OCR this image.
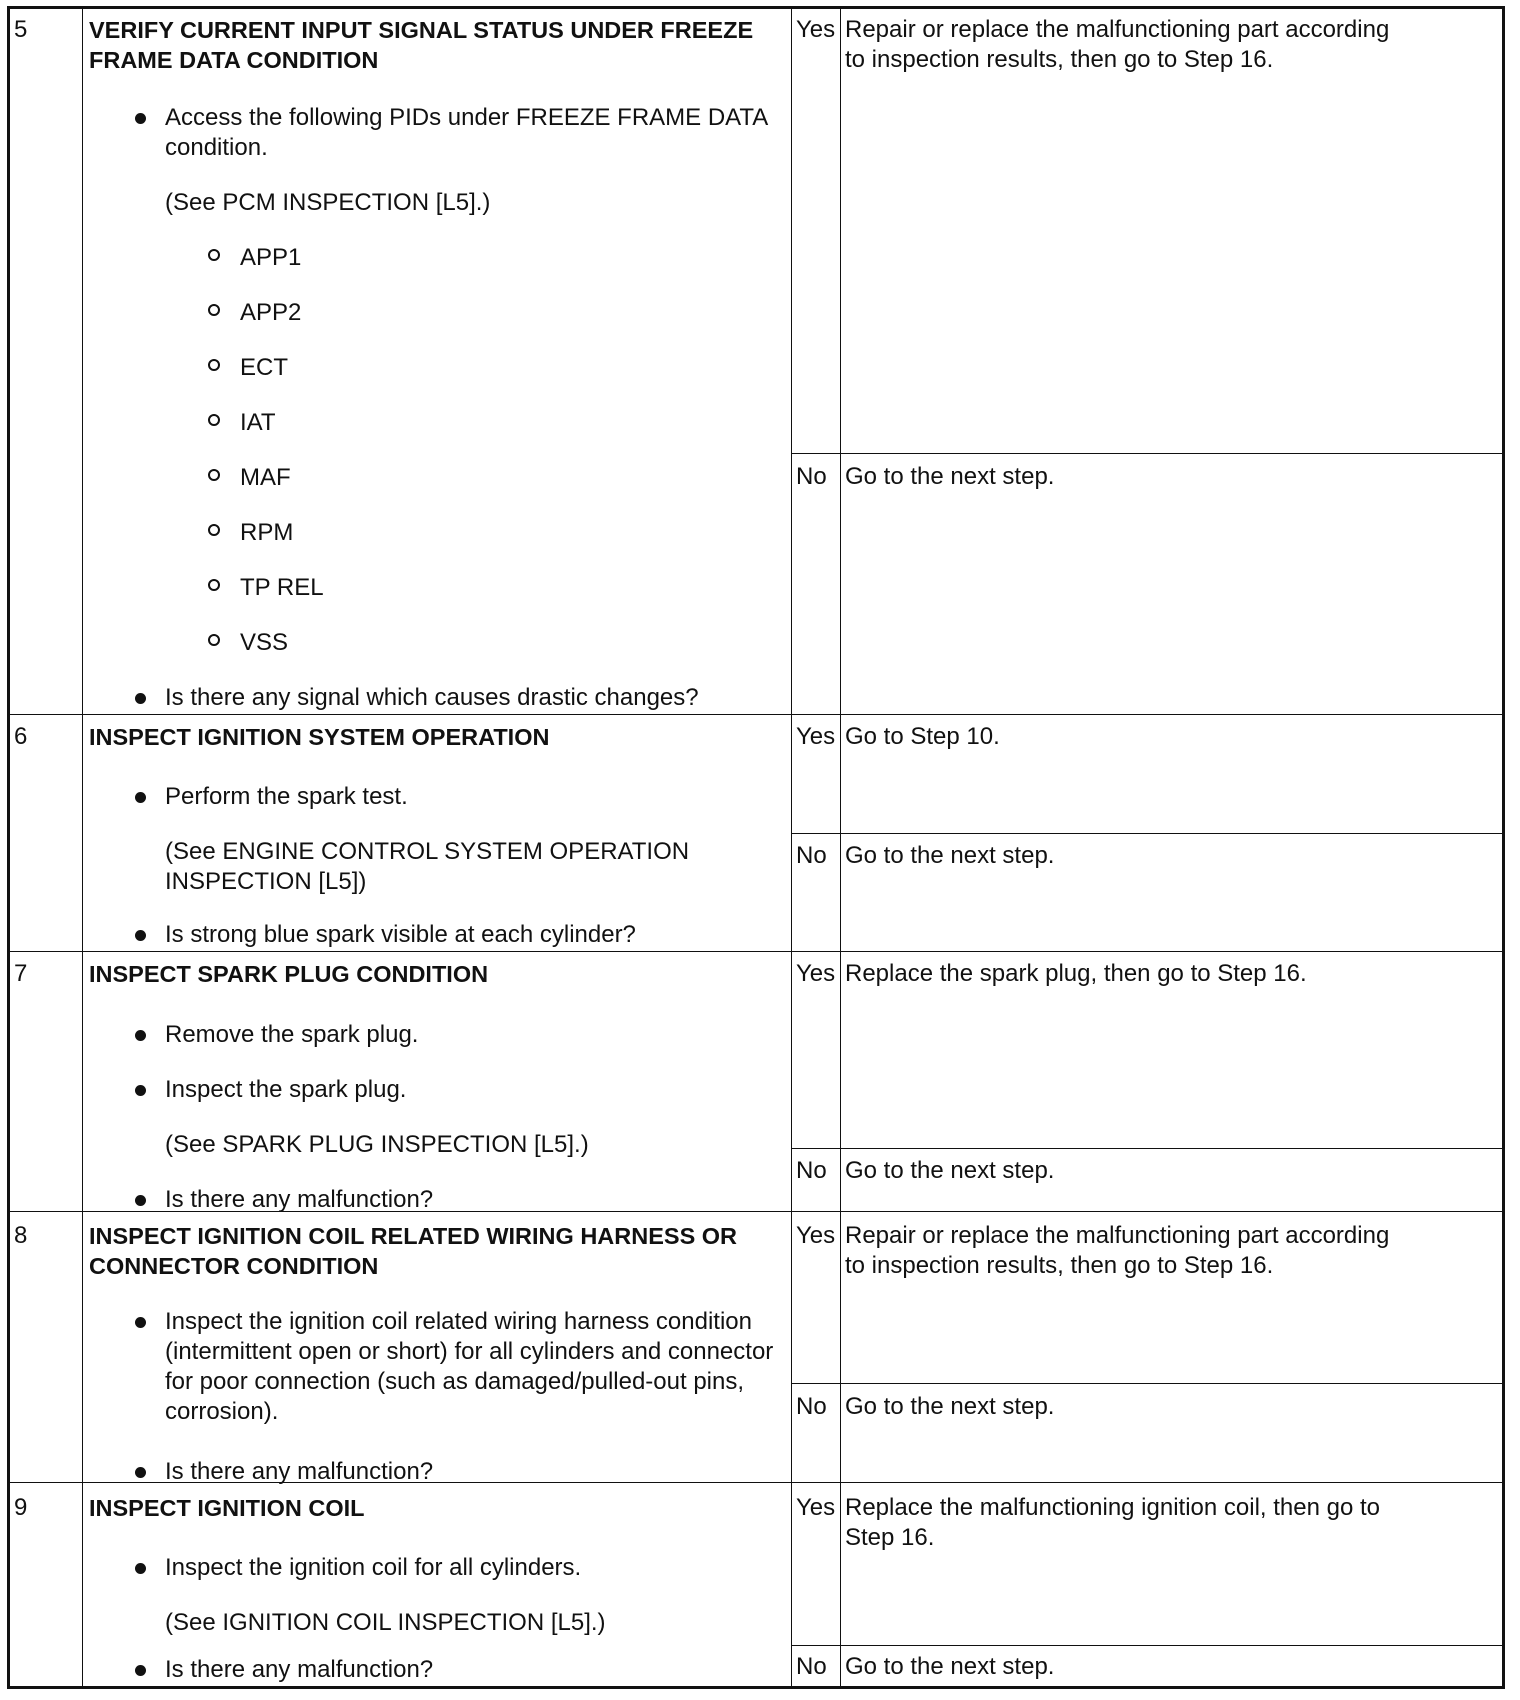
5	VERIFY CURRENT INPUT SIGNAL STATUS UNDER FREEZE
FRAME DATA CONDITION
Access the following PIDs under FREEZE FRAME DATA
condition.
(See PCM INSPECTION [L5].)
APP1
APP2
ECT
IAT
MAF
RPM
TP REL
VSS
Is there any signal which causes drastic changes?
Yes Repair or replace the malfunctioning part according
to inspection results, then go to Step 16.
No Go to the next step.
6	INSPECT IGNITION SYSTEM OPERATION
Perform the spark test.
(See ENGINE CONTROL SYSTEM OPERATION
INSPECTION [L5])
Is strong blue spark visible at each cylinder?
Yes Go to Step 10.
No Go to the next step.
7	INSPECT SPARK PLUG CONDITION
Remove the spark plug.
Inspect the spark plug.
(See SPARK PLUG INSPECTION [L5].)
Is there any malfunction?
Yes Replace the spark plug, then go to Step 16.
No Go to the next step.
8	INSPECT IGNITION COIL RELATED WIRING HARNESS OR
CONNECTOR CONDITION
Inspect the ignition coil related wiring harness condition
(intermittent open or short) for all cylinders and connector
for poor connection (such as damaged/pulled-out pins,
corrosion).
Is there any malfunction?
Yes Repair or replace the malfunctioning part according
to inspection results, then go to Step 16.
No Go to the next step.
9	INSPECT IGNITION COIL
Inspect the ignition coil for all cylinders.
(See IGNITION COIL INSPECTION [L5].)
Is there any malfunction?
Yes Replace the malfunctioning ignition coil, then go to
Step 16.
No Go to the next step.
